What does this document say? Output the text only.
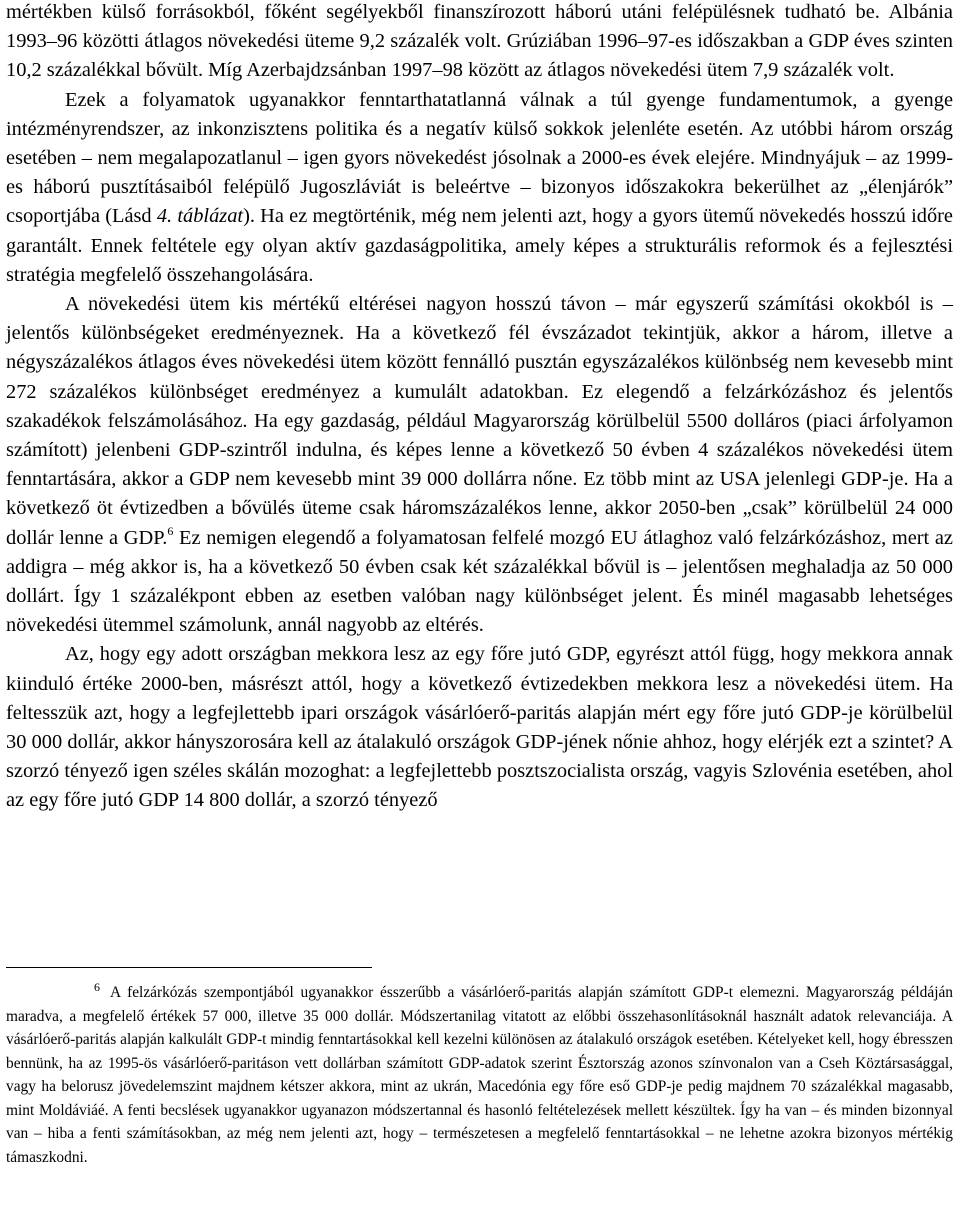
mértékben külső forrásokból, főként segélyekből finanszírozott háború utáni felépülésnek tudható be. Albánia 1993–96 közötti átlagos növekedési üteme 9,2 százalék volt. Grúziában 1996–97-es időszakban a GDP éves szinten 10,2 százalékkal bővült. Míg Azerbajdzsánban 1997–98 között az átlagos növekedési ütem 7,9 százalék volt.

Ezek a folyamatok ugyanakkor fenntarthatatlanná válnak a túl gyenge fundamentumok, a gyenge intézményrendszer, az inkonzisztens politika és a negatív külső sokkok jelenléte esetén. Az utóbbi három ország esetében – nem megalapozatlanul – igen gyors növekedést jósolnak a 2000-es évek elejére. Mindnyájuk – az 1999-es háború pusztításaiból felépülő Jugoszláviát is beleértve – bizonyos időszakokra bekerülhet az „élenjárók” csoportjába (Lásd 4. táblázat). Ha ez megtörténik, még nem jelenti azt, hogy a gyors ütemű növekedés hosszú időre garantált. Ennek feltétele egy olyan aktív gazdaságpolitika, amely képes a strukturális reformok és a fejlesztési stratégia megfelelő összehangolására.

A növekedési ütem kis mértékű eltérései nagyon hosszú távon – már egyszerű számítási okokból is – jelentős különbségeket eredményeznek. Ha a következő fél évszázadot tekintjük, akkor a három, illetve a négyszázalékos átlagos éves növekedési ütem között fennálló pusztán egyszázalékos különbség nem kevesebb mint 272 százalékos különbséget eredményez a kumulált adatokban. Ez elegendő a felzárkózáshoz és jelentős szakadékok felszámolásához. Ha egy gazdaság, például Magyarország körülbelül 5500 dolláros (piaci árfolyamon számított) jelenbeni GDP-szintről indulna, és képes lenne a következő 50 évben 4 százalékos növekedési ütem fenntartására, akkor a GDP nem kevesebb mint 39 000 dollárra nőne. Ez több mint az USA jelenlegi GDP-je. Ha a következő öt évtizedben a bővülés üteme csak háromszázalékos lenne, akkor 2050-ben „csak” körülbelül 24 000 dollár lenne a GDP.$^6$ Ez nemigen elegendő a folyamatosan felfelé mozgó EU átlaghoz való felzárkózáshoz, mert az addigra – még akkor is, ha a következő 50 évben csak két százalékkal bővül is – jelentősen meghaladja az 50 000 dollárt. Így 1 százalékpont ebben az esetben valóban nagy különbséget jelent. És minél magasabb lehetséges növekedési ütemmel számolunk, annál nagyobb az eltérés.

Az, hogy egy adott országban mekkora lesz az egy főre jutó GDP, egyrészt attól függ, hogy mekkora annak kiinduló értéke 2000-ben, másrészt attól, hogy a következő évtizedekben mekkora lesz a növekedési ütem. Ha feltesszük azt, hogy a legfejlettebb ipari országok vásárlóerő-paritás alapján mért egy főre jutó GDP-je körülbelül 30 000 dollár, akkor hányszorosára kell az átalakuló országok GDP-jének nőnie ahhoz, hogy elérjék ezt a szintet? A szorzó tényező igen széles skálán mozoghat: a legfejlettebb posztszocialista ország, vagyis Szlovénia esetében, ahol az egy főre jutó GDP 14 800 dollár, a szorzó tényező

6 A felzárkózás szempontjából ugyanakkor ésszerűbb a vásárlóerő-paritás alapján számított GDP-t elemezni. Magyarország példáján maradva, a megfelelő értékek 57 000, illetve 35 000 dollár. Módszertanilag vitatott az előbbi összehasonlításoknál használt adatok relevanciája. A vásárlóerő-paritás alapján kalkulált GDP-t mindig fenntartásokkal kell kezelni különösen az átalakuló országok esetében. Kételyeket kell, hogy ébresszen bennünk, ha az 1995-ös vásárlóerő-paritáson vett dollárban számított GDP-adatok szerint Észtország azonos színvonalon van a Cseh Köztársasággal, vagy ha belorusz jövedelemszint majdnem kétszer akkora, mint az ukrán, Macedónia egy főre eső GDP-je pedig majdnem 70 százalékkal magasabb, mint Moldáviáé. A fenti becslések ugyanakkor ugyanazon módszertannal és hasonló feltételezések mellett készültek. Így ha van – és minden bizonnyal van – hiba a fenti számításokban, az még nem jelenti azt, hogy – természetesen a megfelelő fenntartásokkal – ne lehetne azokra bizonyos mértékig támaszkodni.
